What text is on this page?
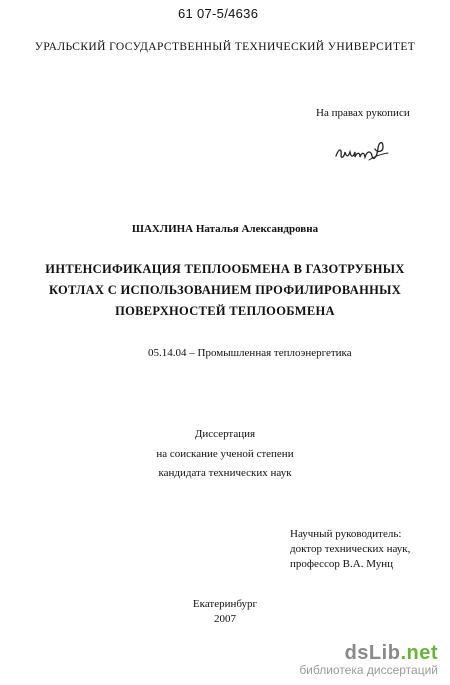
61 07-5/4636
УРАЛЬСКИЙ ГОСУДАРСТВЕННЫЙ ТЕХНИЧЕСКИЙ УНИВЕРСИТЕТ
На правах рукописи
ШАХЛИНА Наталья Александровна
ИНТЕНСИФИКАЦИЯ ТЕПЛООБМЕНА В ГАЗОТРУБНЫХ
КОТЛАХ С ИСПОЛЬЗОВАНИЕМ ПРОФИЛИРОВАННЫХ
ПОВЕРХНОСТЕЙ ТЕПЛООБМЕНА
05.14.04 – Промышленная теплоэнергетика
Диссертация
на соискание ученой степени
кандидата технических наук
Научный руководитель:
доктор технических наук,
профессор В.А. Мунц
Екатеринбург
2007
dsLib.net
библиотека диссертаций
